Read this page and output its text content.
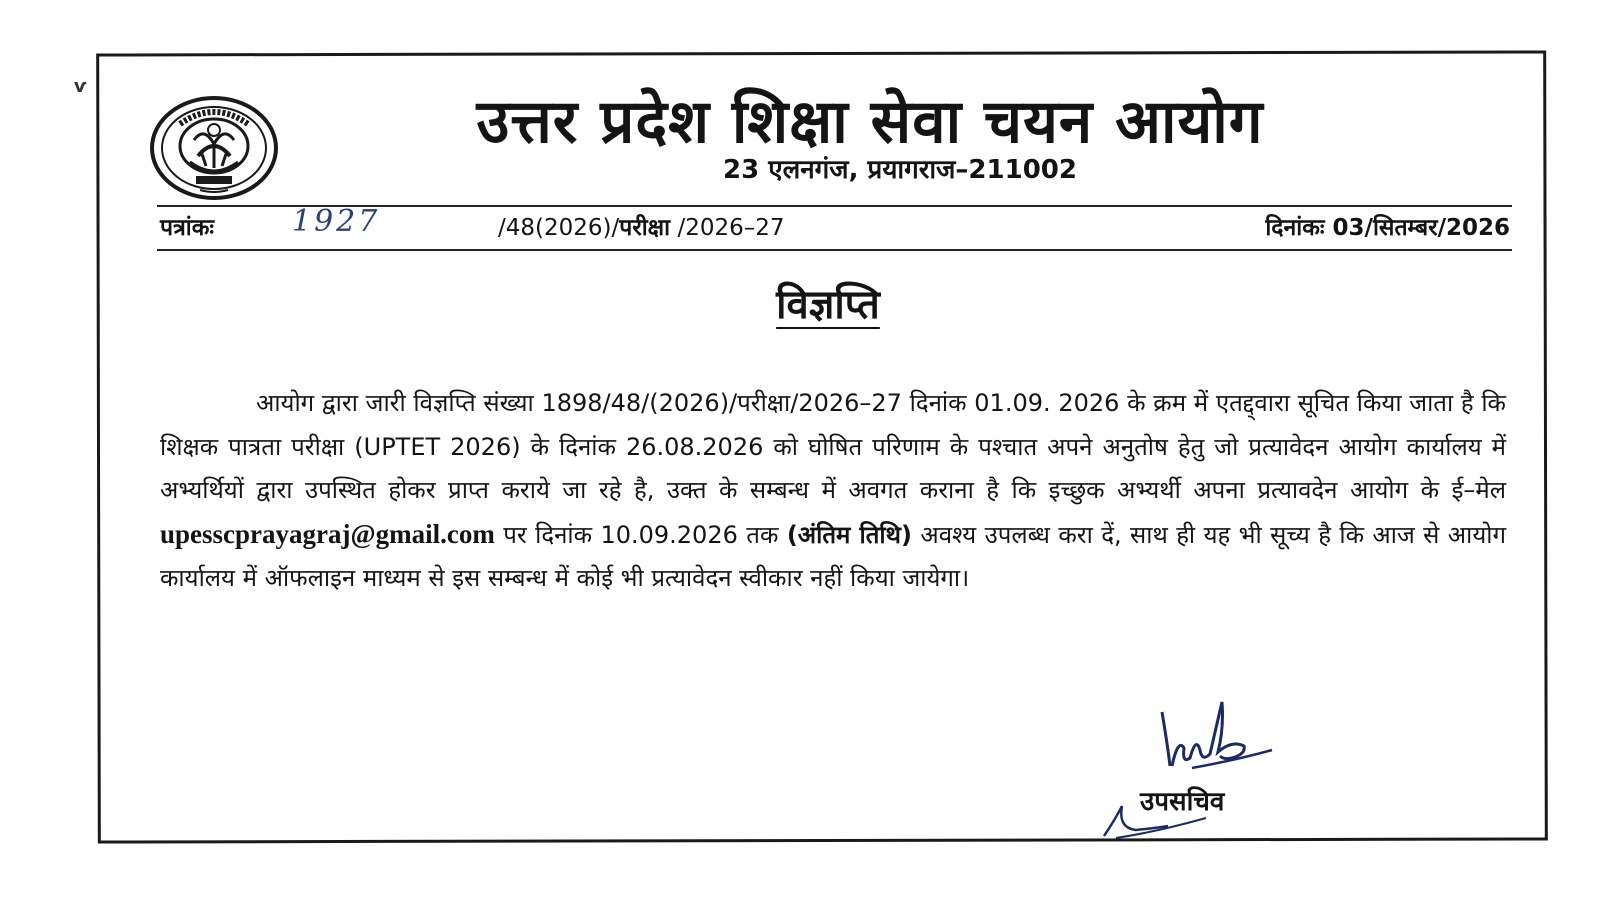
ѵ
उत्तर प्रदेश शिक्षा सेवा चयन आयोग
23 एलनगंज, प्रयागराज–211002
पत्रांकः	1927	/48(2026)/परीक्षा /2026–27	दिनांकः 03/सितम्बर/2026
विज्ञप्ति

आयोग द्वारा जारी विज्ञप्ति संख्या 1898/48/(2026)/परीक्षा/2026–27 दिनांक 01.09. 2026 के क्रम में एतद्द्वारा सूचित किया जाता है कि शिक्षक पात्रता परीक्षा (UPTET 2026) के दिनांक 26.08.2026 को घोषित परिणाम के पश्चात अपने अनुतोष हेतु जो प्रत्यावेदन आयोग कार्यालय में अभ्यर्थियों द्वारा उपस्थित होकर प्राप्त कराये जा रहे है, उक्त के सम्बन्ध में अवगत कराना है कि इच्छुक अभ्यर्थी अपना प्रत्यावदेन आयोग के ई–मेल upesscprayagraj@gmail.com पर दिनांक 10.09.2026 तक (अंतिम तिथि) अवश्य उपलब्ध करा दें, साथ ही यह भी सूच्य है कि आज से आयोग कार्यालय में ऑफलाइन माध्यम से इस सम्बन्ध में कोई भी प्रत्यावेदन स्वीकार नहीं किया जायेगा।

उपसचिव
